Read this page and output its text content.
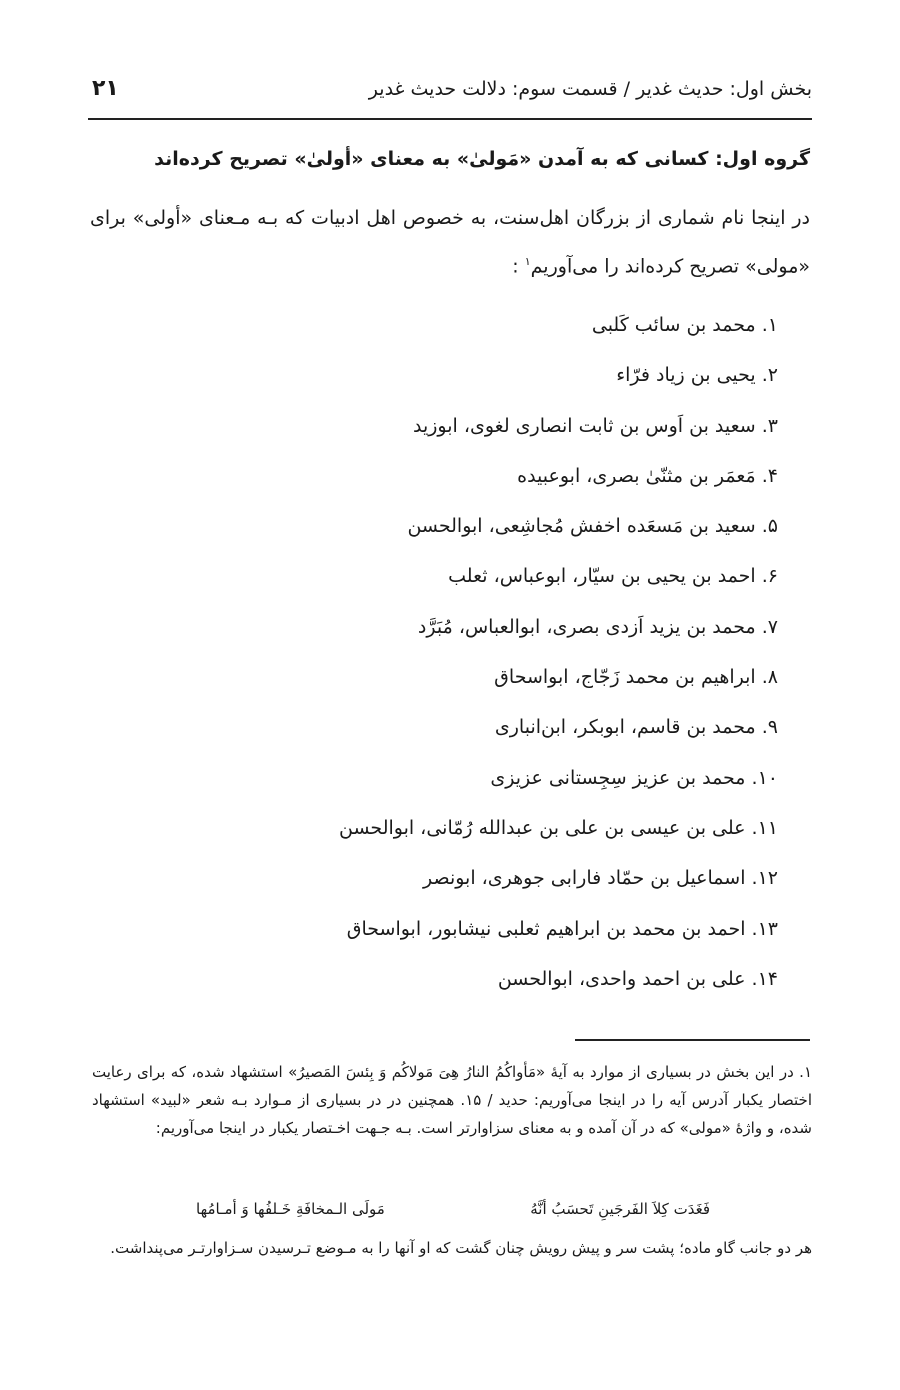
بخش اول: حدیث غدیر / قسمت سوم: دلالت حدیث غدیر
۲۱
گروه اول: کسانی که به آمدن «مَولیٰ» به معنای «أولیٰ» تصریح کرده‌اند

در اینجا نام شماری از بزرگان اهل‌سنت، به خصوص اهل ادبیات که بـه مـعنای «أولی» برای «مولی» تصریح کرده‌اند را می‌آوریم$^۱$ :

۱. محمد بن سائب کَلبی
۲. یحیی بن زیاد فرّاء
۳. سعید بن اَوس بن ثابت انصاری لغوی، ابوزید
۴. مَعمَر بن مثنّیٰ بصری، ابوعبیده
۵. سعید بن مَسعَده اخفش مُجاشِعی، ابوالحسن
۶. احمد بن یحیی بن سیّار، ابوعباس، ثعلب
۷. محمد بن یزید اَزدی بصری، ابوالعباس، مُبَرَّد
۸. ابراهیم بن محمد زَجّاج، ابواسحاق
۹. محمد بن قاسم، ابوبکر، ابن‌انباری
۱۰. محمد بن عزیز سِجِستانی عزیزی
۱۱. علی بن عیسی بن علی بن عبدالله رُمّانی، ابوالحسن
۱۲. اسماعیل بن حمّاد فارابی جوهری، ابونصر
۱۳. احمد بن محمد بن ابراهیم ثعلبی نیشابور، ابواسحاق
۱۴. علی بن احمد واحدی، ابوالحسن

۱. در این بخش در بسیاری از موارد به آیۀ «مَأواکُمُ النارُ هِیَ مَولاکُم وَ بِئسَ المَصیرُ» استشهاد شده، که برای رعایت اختصار یکبار آدرس آیه را در اینجا می‌آوریم: حدید / ۱۵. همچنین در در بسیاری از مـوارد بـه شعر «لبید» استشهاد شده، و واژۀ «مولی» که در آن آمده و به معنای سزاوارتر است. بـه جـهت اخـتصار یکبار در اینجا می‌آوریم:

فَغَدَت کِلاَ الفَرجَینِ تَحسَبُ أنَّهُ
مَولَی الـمخافَةِ خَـلفُها وَ أمـامُها

هر دو جانب گاو ماده؛ پشت سر و پیش رویش چنان گشت که او آنها را به مـوضع تـرسیدن سـزاوارتـر می‌پنداشت.
